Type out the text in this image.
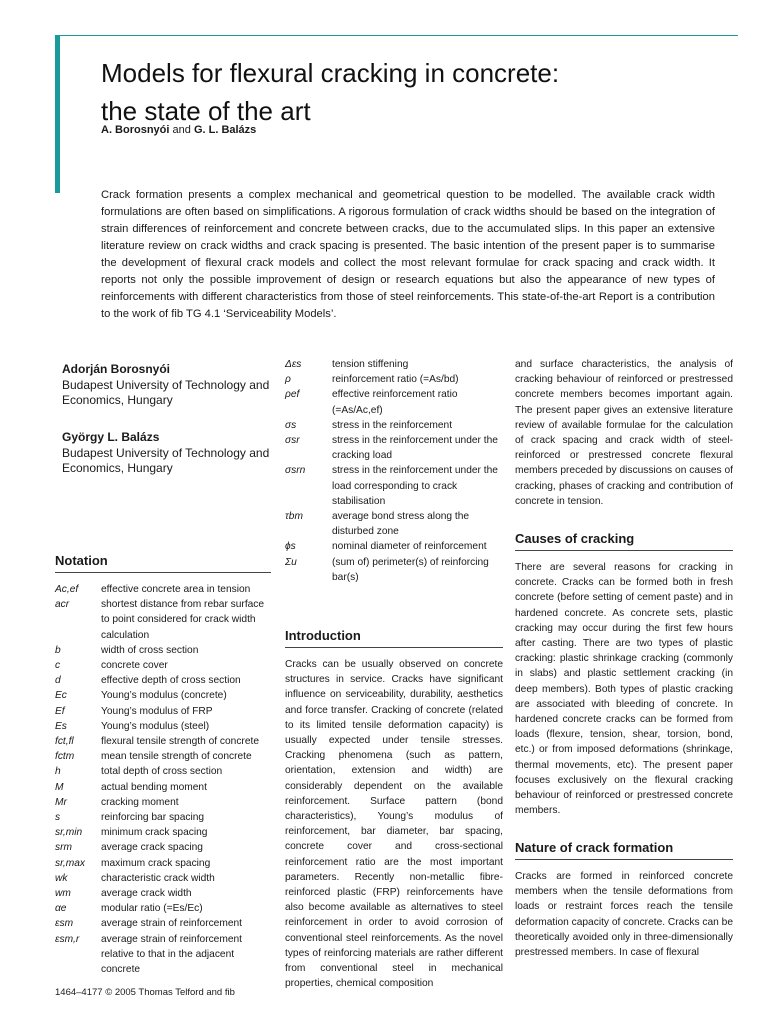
Models for flexural cracking in concrete:
the state of the art

A. Borosnyói and G. L. Balázs

Crack formation presents a complex mechanical and geometrical question to be modelled. The available crack width formulations are often based on simplifications. A rigorous formulation of crack widths should be based on the integration of strain differences of reinforcement and concrete between cracks, due to the accumulated slips. In this paper an extensive literature review on crack widths and crack spacing is presented. The basic intention of the present paper is to summarise the development of flexural crack models and collect the most relevant formulae for crack spacing and crack width. It reports not only the possible improvement of design or research equations but also the appearance of new types of reinforcements with different characteristics from those of steel reinforcements. This state-of-the-art Report is a contribution to the work of fib TG 4.1 ‘Serviceability Models’.

Adorján Borosnyói
Budapest University of Technology and
Economics, Hungary

György L. Balázs
Budapest University of Technology and
Economics, Hungary

Notation
Ac,ef	effective concrete area in tension
acr	shortest distance from rebar surface to point considered for crack width calculation
b	width of cross section
c	concrete cover
d	effective depth of cross section
Ec	Young’s modulus (concrete)
Ef	Young’s modulus of FRP
Es	Young’s modulus (steel)
fct,fl	flexural tensile strength of concrete
fctm	mean tensile strength of concrete
h	total depth of cross section
M	actual bending moment
Mr	cracking moment
s	reinforcing bar spacing
sr,min	minimum crack spacing
srm	average crack spacing
sr,max	maximum crack spacing
wk	characteristic crack width
wm	average crack width
αe	modular ratio (=Es/Ec)
εsm	average strain of reinforcement
εsm,r	average strain of reinforcement relative to that in the adjacent concrete
Δεs	tension stiffening
ρ	reinforcement ratio (=As/bd)
ρef	effective reinforcement ratio (=As/Ac,ef)
σs	stress in the reinforcement
σsr	stress in the reinforcement under the cracking load
σsrn	stress in the reinforcement under the load corresponding to crack stabilisation
τbm	average bond stress along the disturbed zone
ϕs	nominal diameter of reinforcement
Σu	(sum of) perimeter(s) of reinforcing bar(s)
Introduction

Cracks can be usually observed on concrete structures in service. Cracks have significant influence on serviceability, durability, aesthetics and force transfer. Cracking of concrete (related to its limited tensile deformation capacity) is usually expected under tensile stresses. Cracking phenomena (such as pattern, orientation, extension and width) are considerably dependent on the available reinforcement. Surface pattern (bond characteristics), Young’s modulus of reinforcement, bar diameter, bar spacing, concrete cover and cross-sectional reinforcement ratio are the most important parameters. Recently non-metallic fibre-reinforced plastic (FRP) reinforcements have also become available as alternatives to steel reinforcement in order to avoid corrosion of conventional steel reinforcements. As the novel types of reinforcing materials are rather different from conventional steel in mechanical properties, chemical composition

and surface characteristics, the analysis of cracking behaviour of reinforced or prestressed concrete members becomes important again. The present paper gives an extensive literature review of available formulae for the calculation of crack spacing and crack width of steel-reinforced or prestressed concrete flexural members preceded by discussions on causes of cracking, phases of cracking and contribution of concrete in tension.

Causes of cracking

There are several reasons for cracking in concrete. Cracks can be formed both in fresh concrete (before setting of cement paste) and in hardened concrete. As concrete sets, plastic cracking may occur during the first few hours after casting. There are two types of plastic cracking: plastic shrinkage cracking (commonly in slabs) and plastic settlement cracking (in deep members). Both types of plastic cracking are associated with bleeding of concrete. In hardened concrete cracks can be formed from loads (flexure, tension, shear, torsion, bond, etc.) or from imposed deformations (shrinkage, thermal movements, etc). The present paper focuses exclusively on the flexural cracking behaviour of reinforced or prestressed concrete members.

Nature of crack formation

Cracks are formed in reinforced concrete members when the tensile deformations from loads or restraint forces reach the tensile deformation capacity of concrete. Cracks can be theoretically avoided only in three-dimensionally prestressed members. In case of flexural

1464–4177 © 2005 Thomas Telford and fib
